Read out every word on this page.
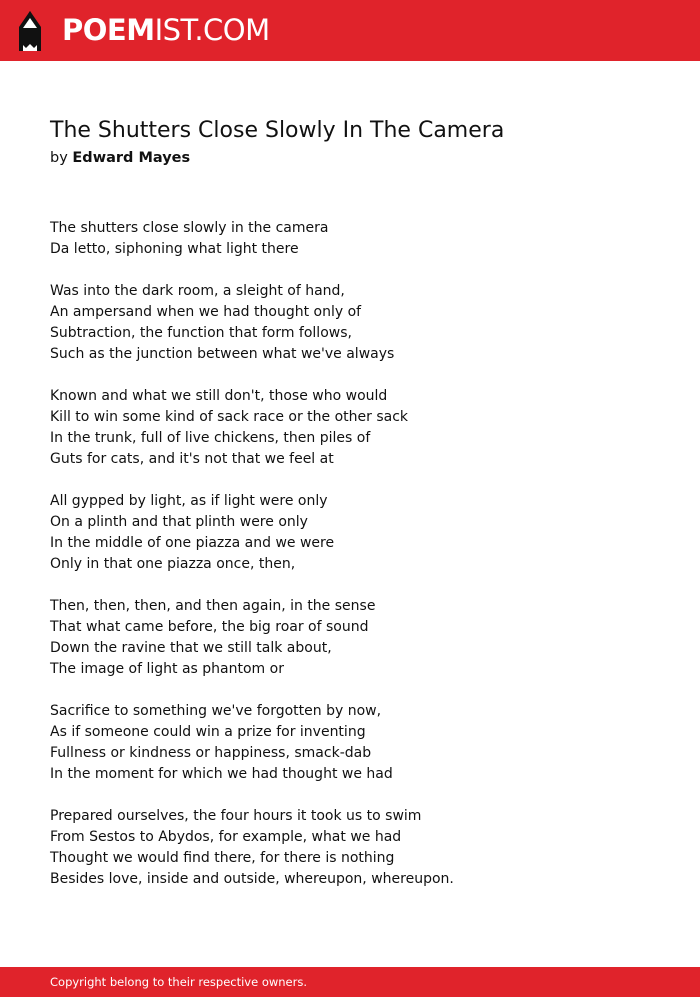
POEMIST.COM
The Shutters Close Slowly In The Camera
by Edward Mayes
The shutters close slowly in the camera
Da letto, siphoning what light there
Was into the dark room, a sleight of hand,
An ampersand when we had thought only of
Subtraction, the function that form follows,
Such as the junction between what we've always
Known and what we still don't, those who would
Kill to win some kind of sack race or the other sack
In the trunk, full of live chickens, then piles of
Guts for cats, and it's not that we feel at
All gypped by light, as if light were only
On a plinth and that plinth were only
In the middle of one piazza and we were
Only in that one piazza once, then,
Then, then, then, and then again, in the sense
That what came before, the big roar of sound
Down the ravine that we still talk about,
The image of light as phantom or
Sacrifice to something we've forgotten by now,
As if someone could win a prize for inventing
Fullness or kindness or happiness, smack-dab
In the moment for which we had thought we had
Prepared ourselves, the four hours it took us to swim
From Sestos to Abydos, for example, what we had
Thought we would find there, for there is nothing
Besides love, inside and outside, whereupon, whereupon.
Copyright belong to their respective owners.
